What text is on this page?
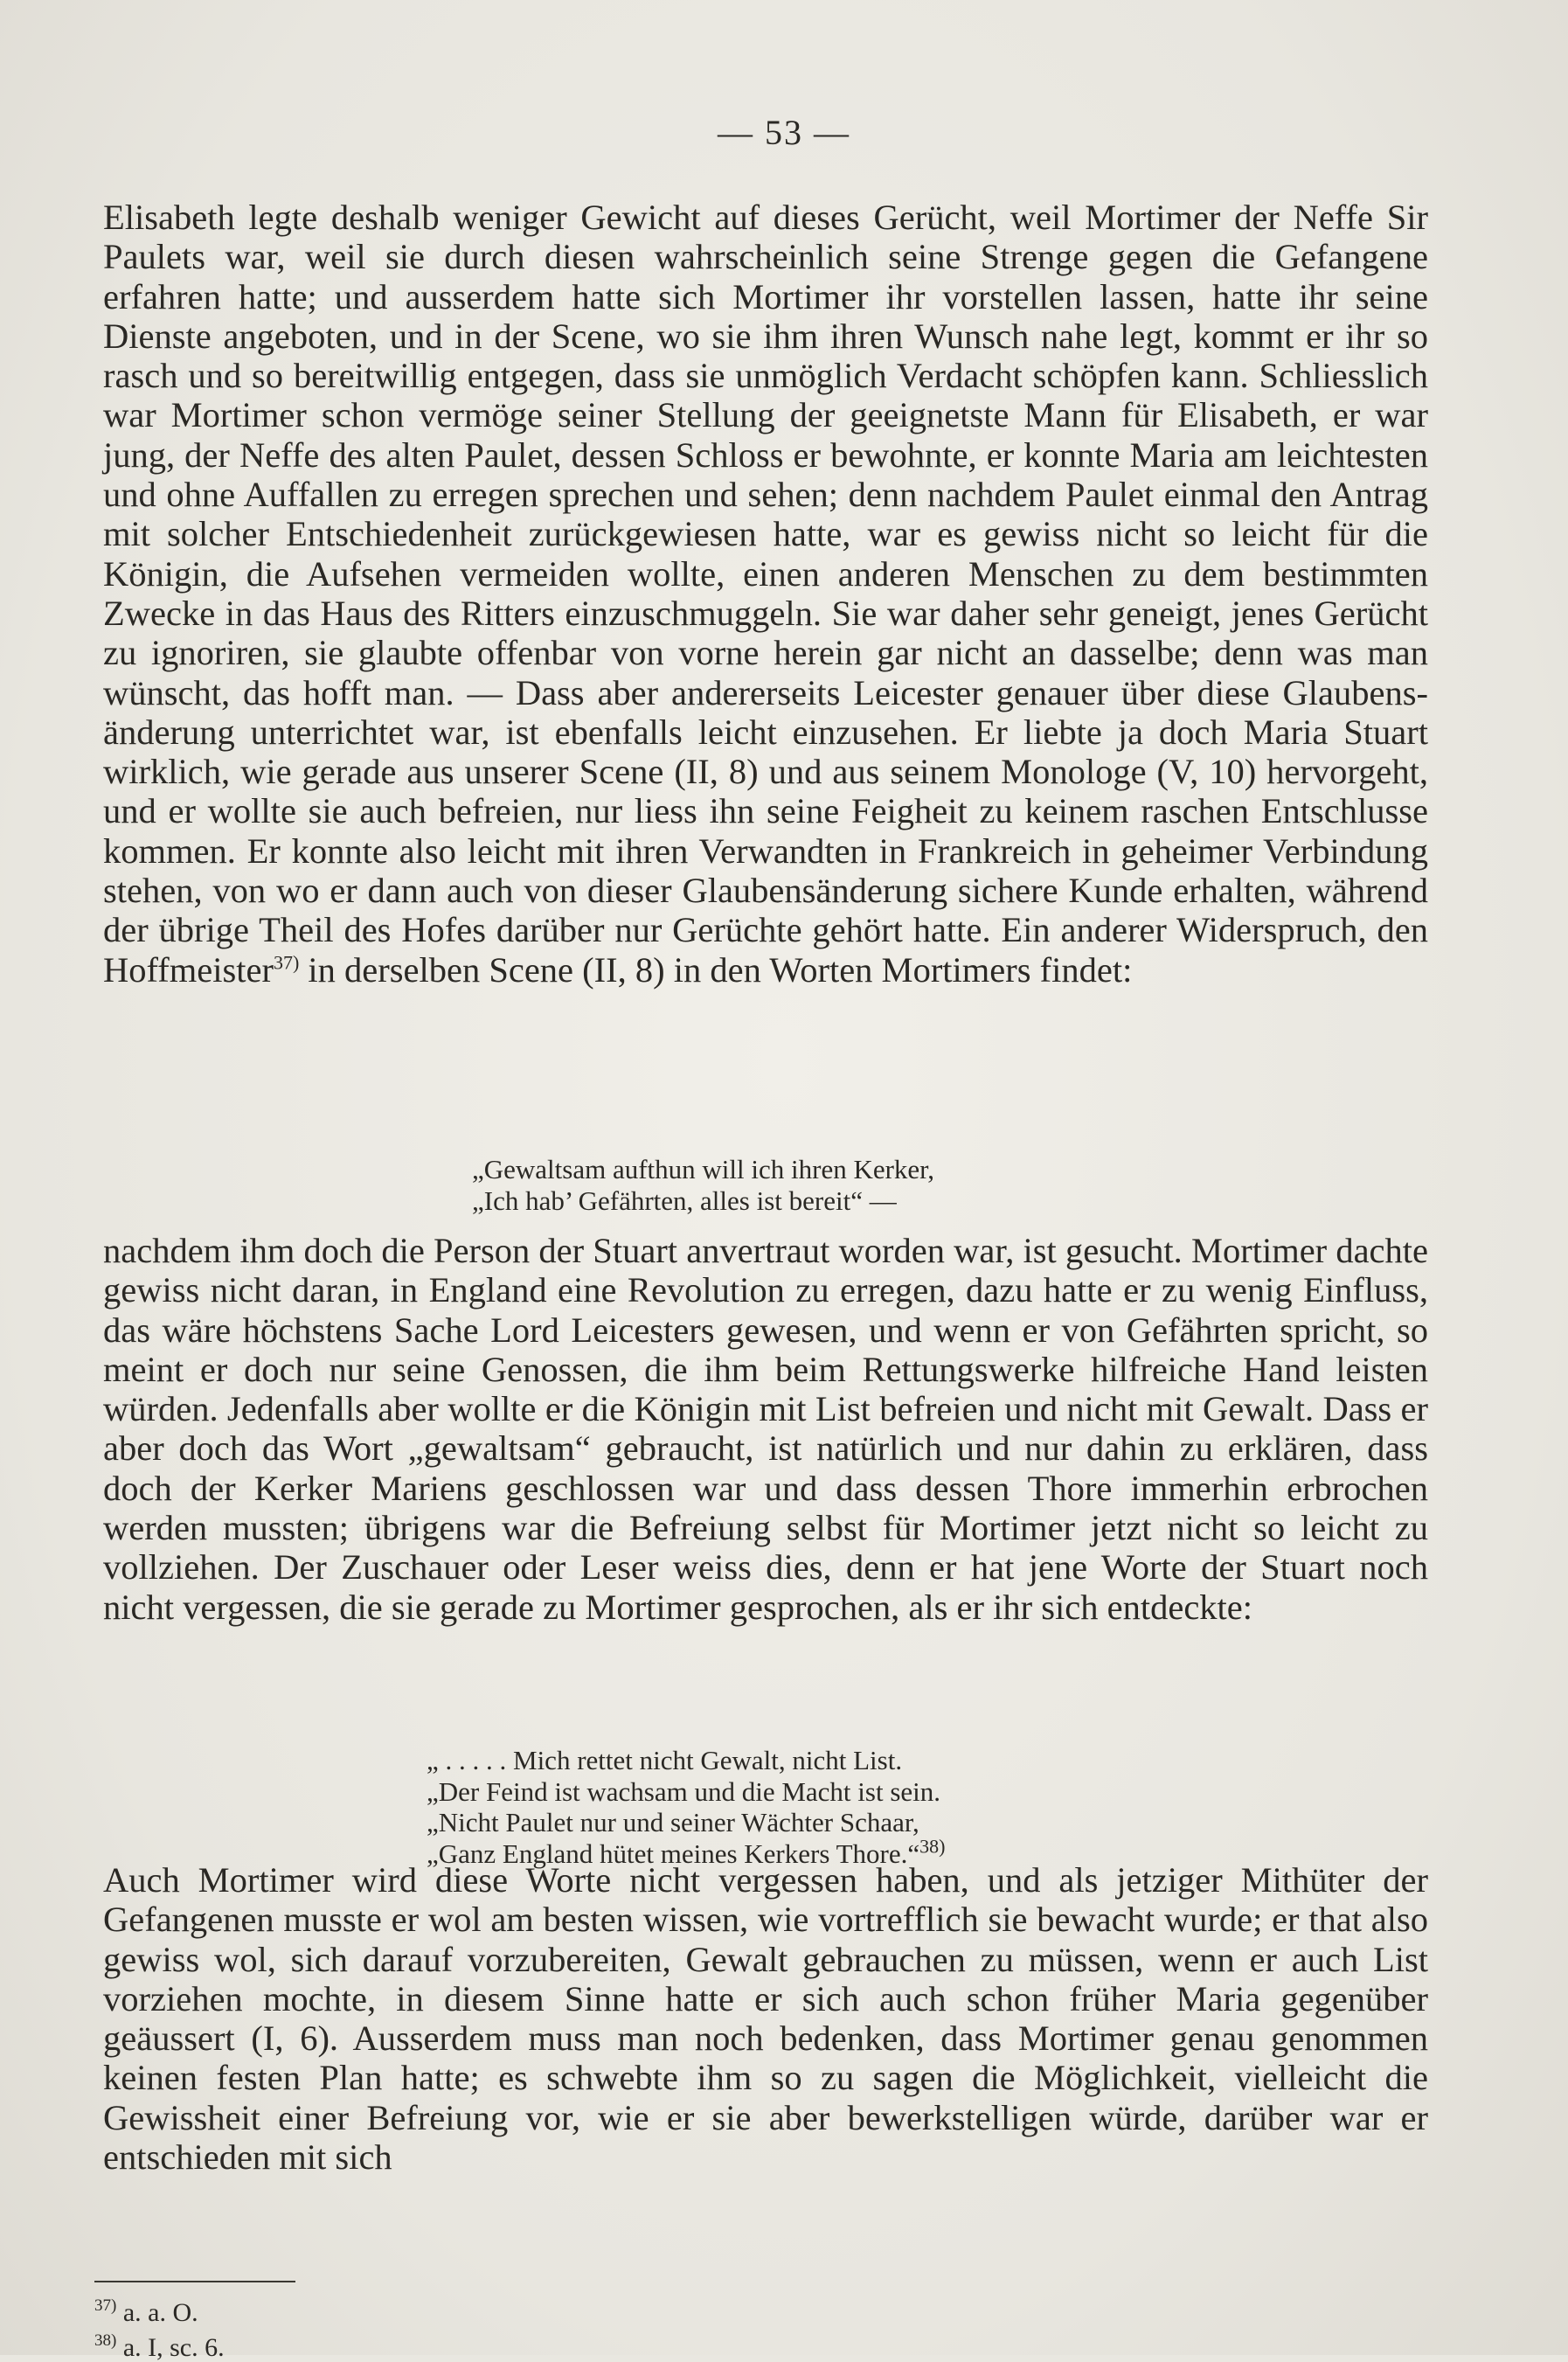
— 53 —

Elisabeth legte deshalb weniger Gewicht auf dieses Gerücht, weil Mortimer der Neffe Sir Paulets war, weil sie durch diesen wahrscheinlich seine Strenge gegen die Gefangene erfahren hatte; und ausserdem hatte sich Mortimer ihr vorstellen lassen, hatte ihr seine Dienste angeboten, und in der Scene, wo sie ihm ihren Wunsch nahe legt, kommt er ihr so rasch und so bereitwillig entgegen, dass sie unmöglich Verdacht schöpfen kann. Schliesslich war Mortimer schon vermöge seiner Stellung der geeignetste Mann für Elisabeth, er war jung, der Neffe des alten Paulet, dessen Schloss er bewohnte, er konnte Maria am leichtesten und ohne Auffallen zu erregen sprechen und sehen; denn nachdem Paulet einmal den Antrag mit solcher Entschiedenheit zurückgewiesen hatte, war es gewiss nicht so leicht für die Königin, die Aufsehen vermeiden wollte, einen anderen Menschen zu dem bestimmten Zwecke in das Haus des Ritters einzuschmuggeln. Sie war daher sehr geneigt, jenes Gerücht zu ignoriren, sie glaubte offenbar von vorne herein gar nicht an dasselbe; denn was man wünscht, das hofft man. — Dass aber andererseits Leicester genauer über diese Glaubensänderung unterrichtet war, ist ebenfalls leicht einzusehen. Er liebte ja doch Maria Stuart wirklich, wie gerade aus unserer Scene (II, 8) und aus seinem Monologe (V, 10) hervorgeht, und er wollte sie auch befreien, nur liess ihn seine Feigheit zu keinem raschen Entschlusse kommen. Er konnte also leicht mit ihren Verwandten in Frankreich in geheimer Verbindung stehen, von wo er dann auch von dieser Glaubensänderung sichere Kunde erhalten, während der übrige Theil des Hofes darüber nur Gerüchte gehört hatte. Ein anderer Widerspruch, den Hoffmeister$^{37)}$ in derselben Scene (II, 8) in den Worten Mortimers findet:

„Gewaltsam aufthun will ich ihren Kerker,
„Ich hab’ Gefährten, alles ist bereit“ —

nachdem ihm doch die Person der Stuart anvertraut worden war, ist gesucht. Mortimer dachte gewiss nicht daran, in England eine Revolution zu erregen, dazu hatte er zu wenig Einfluss, das wäre höchstens Sache Lord Leicesters gewesen, und wenn er von Gefährten spricht, so meint er doch nur seine Genossen, die ihm beim Rettungswerke hilfreiche Hand leisten würden. Jedenfalls aber wollte er die Königin mit List befreien und nicht mit Gewalt. Dass er aber doch das Wort „gewaltsam“ gebraucht, ist natürlich und nur dahin zu erklären, dass doch der Kerker Mariens geschlossen war und dass dessen Thore immerhin erbrochen werden mussten; übrigens war die Befreiung selbst für Mortimer jetzt nicht so leicht zu vollziehen. Der Zuschauer oder Leser weiss dies, denn er hat jene Worte der Stuart noch nicht vergessen, die sie gerade zu Mortimer gesprochen, als er ihr sich entdeckte:

„ . . . . . Mich rettet nicht Gewalt, nicht List.
„Der Feind ist wachsam und die Macht ist sein.
„Nicht Paulet nur und seiner Wächter Schaar,
„Ganz England hütet meines Kerkers Thore.“$^{38)}$

Auch Mortimer wird diese Worte nicht vergessen haben, und als jetziger Mithüter der Gefangenen musste er wol am besten wissen, wie vortrefflich sie bewacht wurde; er that also gewiss wol, sich darauf vorzubereiten, Gewalt gebrauchen zu müssen, wenn er auch List vorziehen mochte, in diesem Sinne hatte er sich auch schon früher Maria gegenüber geäussert (I, 6). Ausserdem muss man noch bedenken, dass Mortimer genau genommen keinen festen Plan hatte; es schwebte ihm so zu sagen die Möglichkeit, vielleicht die Gewissheit einer Befreiung vor, wie er sie aber bewerkstelligen würde, darüber war er entschieden mit sich

$^{37)}$ a. a. O.
$^{38)}$ a. I, sc. 6.
